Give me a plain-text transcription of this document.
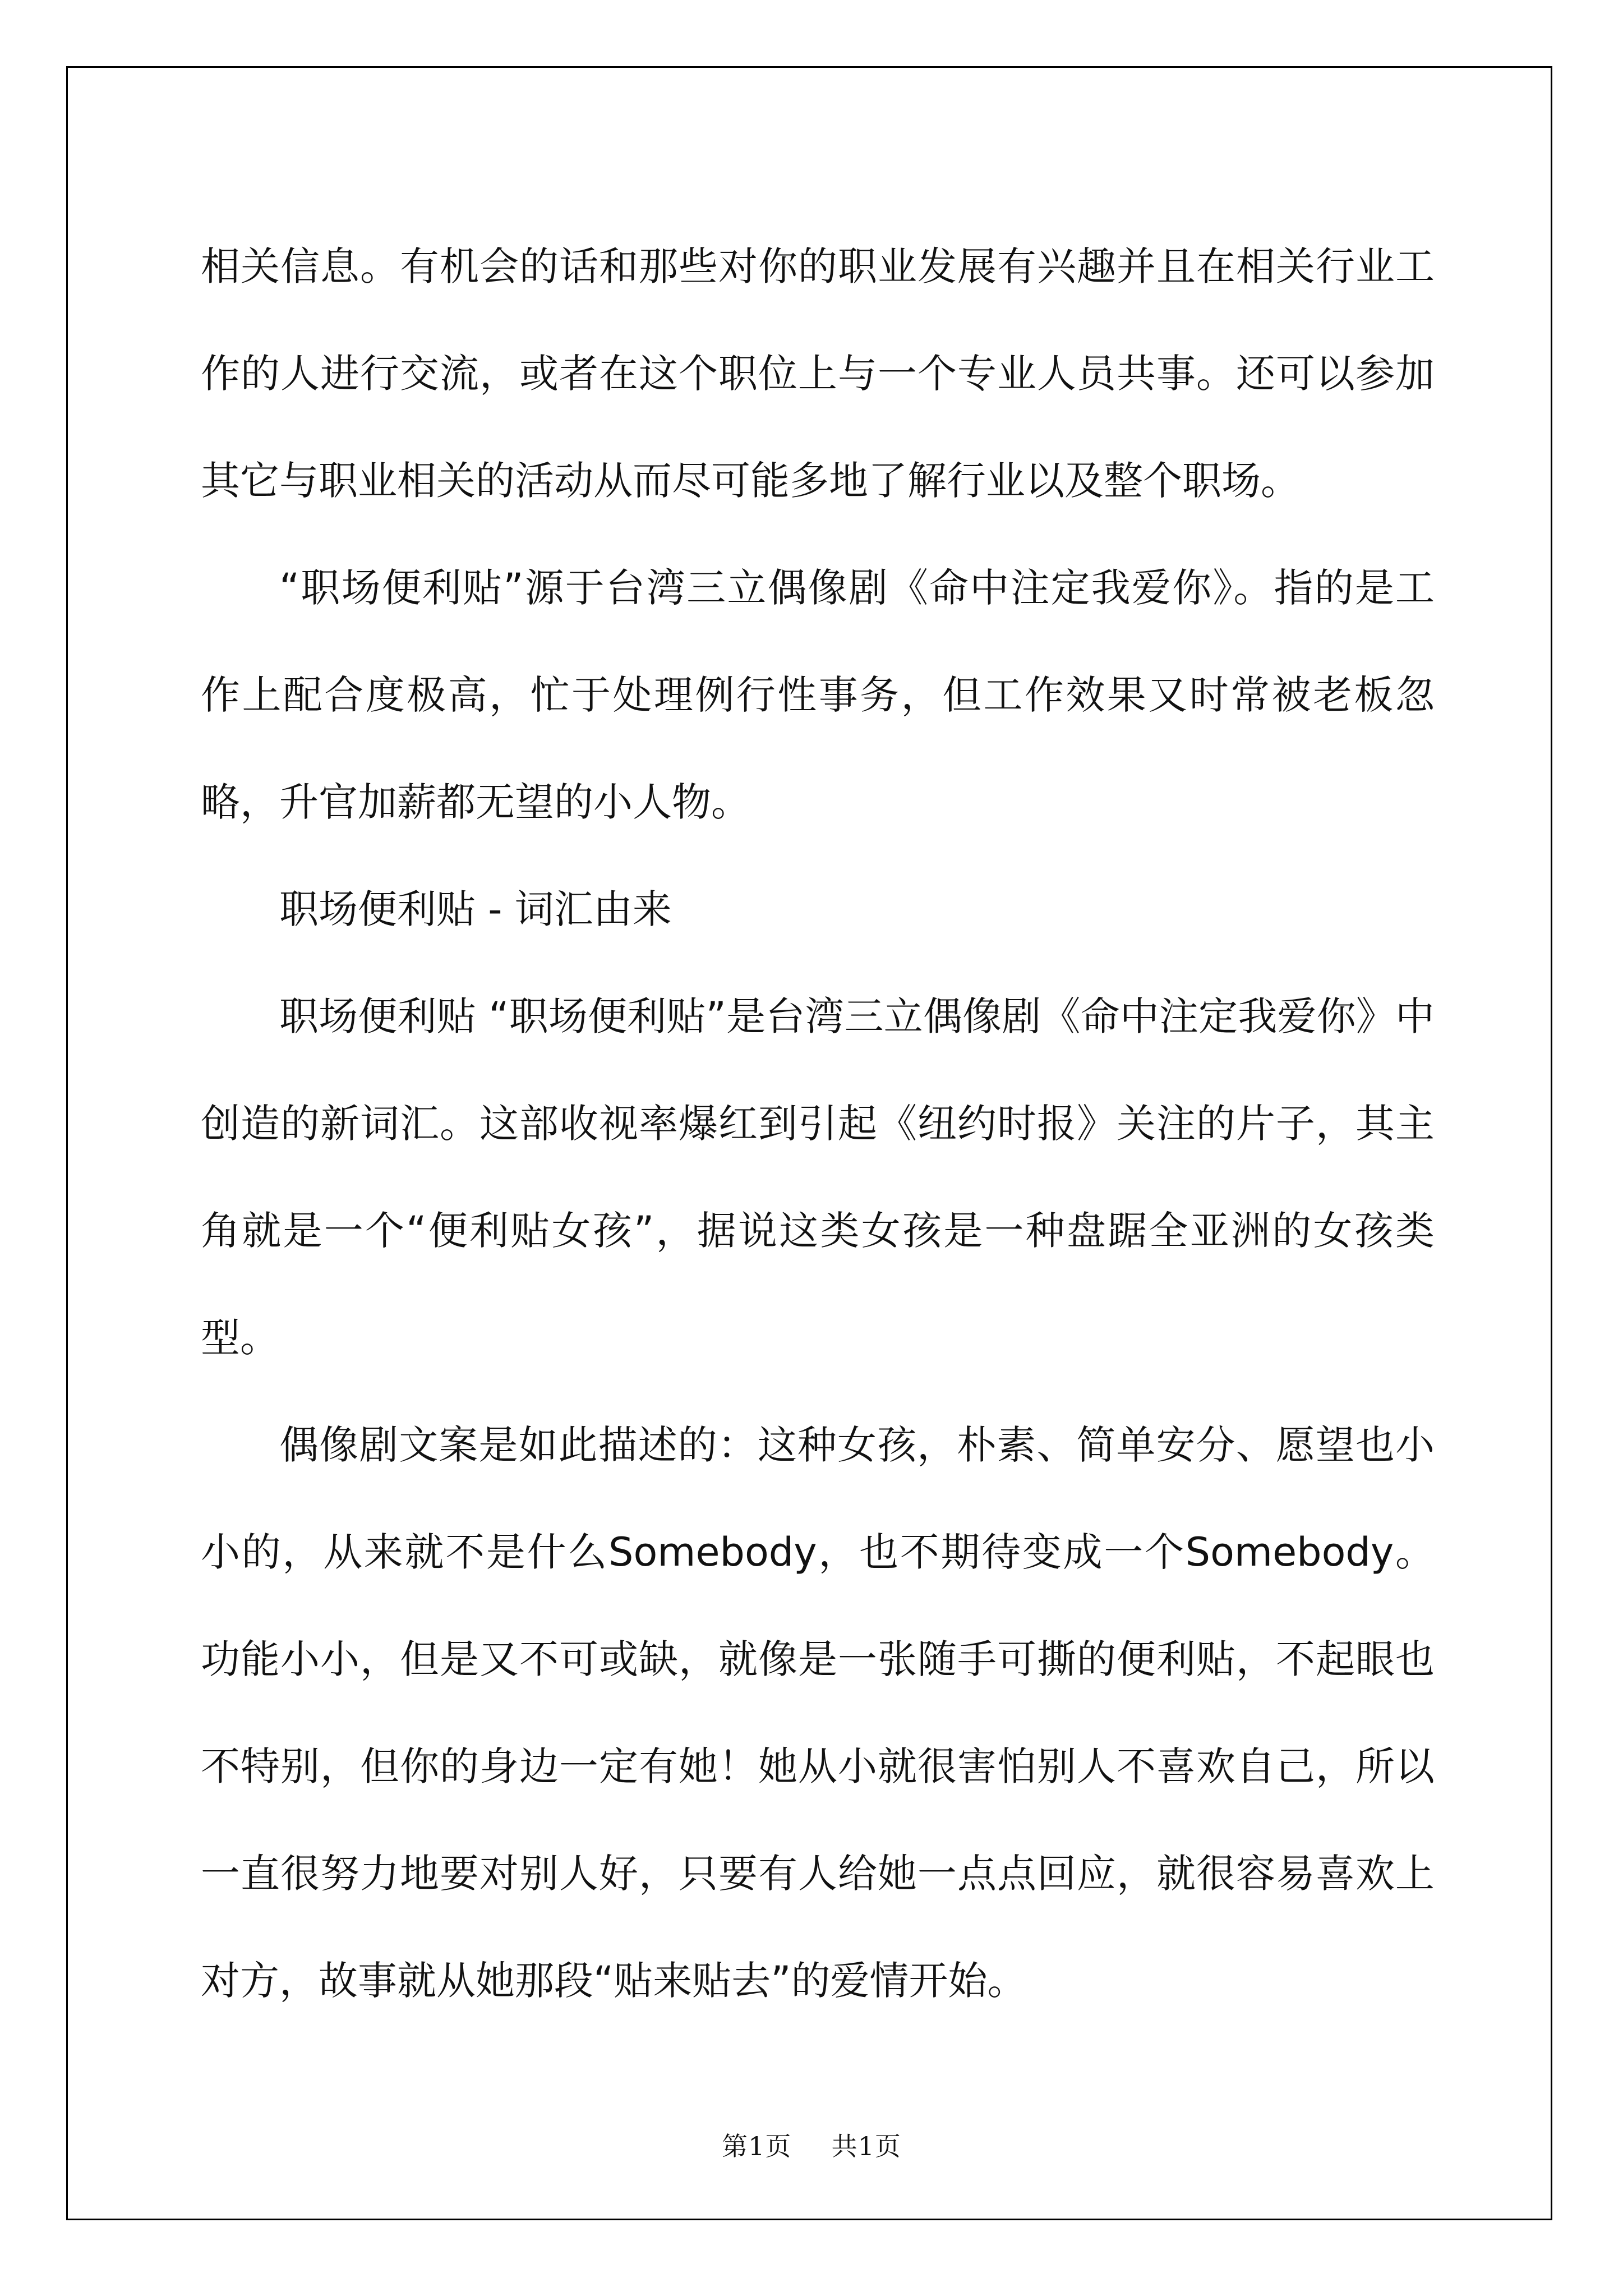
相关信息。有机会的话和那些对你的职业发展有兴趣并且在相关行业工作的人进行交流，或者在这个职位上与一个专业人员共事。还可以参加其它与职业相关的活动从而尽可能多地了解行业以及整个职场。

“职场便利贴”源于台湾三立偶像剧《命中注定我爱你》。指的是工作上配合度极高，忙于处理例行性事务，但工作效果又时常被老板忽略，升官加薪都无望的小人物。

职场便利贴 - 词汇由来

职场便利贴 “职场便利贴”是台湾三立偶像剧《命中注定我爱你》中创造的新词汇。这部收视率爆红到引起《纽约时报》关注的片子，其主角就是一个“便利贴女孩”，据说这类女孩是一种盘踞全亚洲的女孩类型。

偶像剧文案是如此描述的：这种女孩，朴素、简单安分、愿望也小小的，从来就不是什么Somebody，也不期待变成一个Somebody。功能小小，但是又不可或缺，就像是一张随手可撕的便利贴，不起眼也不特别，但你的身边一定有她！她从小就很害怕别人不喜欢自己，所以一直很努力地要对别人好，只要有人给她一点点回应，就很容易喜欢上对方，故事就从她那段“贴来贴去”的爱情开始。

第1页 共1页
